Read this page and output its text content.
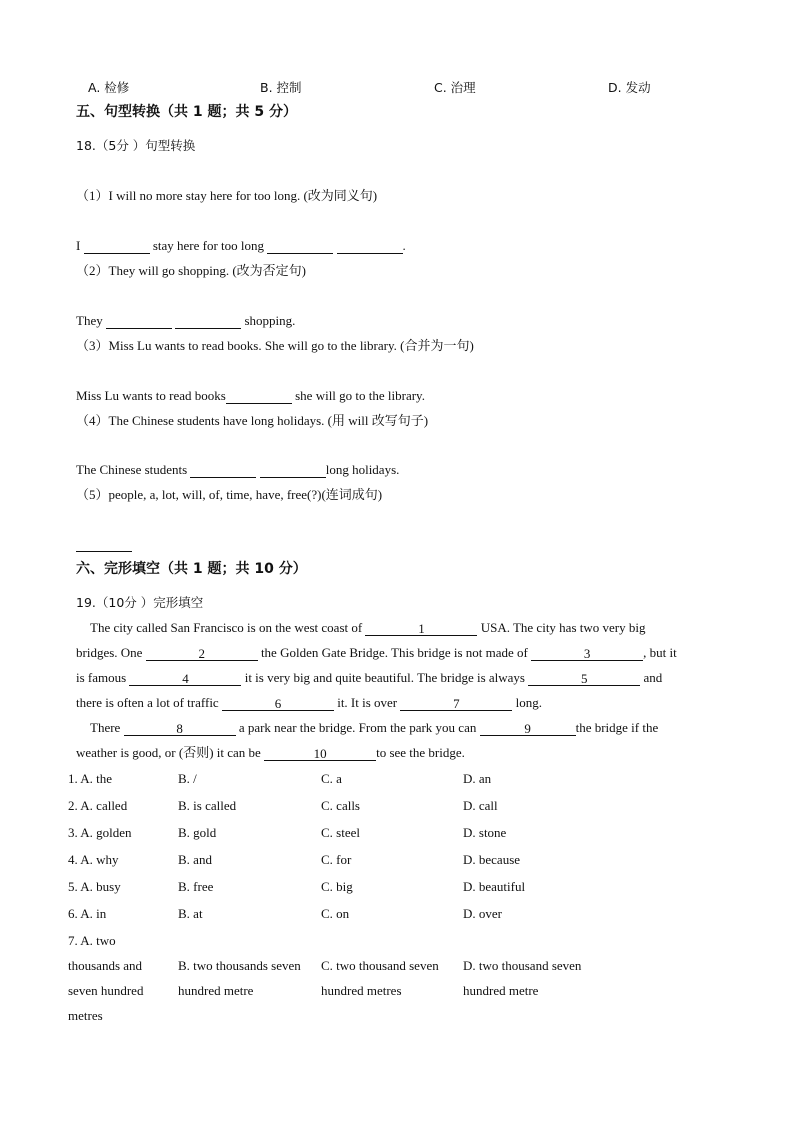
A. 检修	B. 控制	C. 治理	D. 发动
五、句型转换（共 1 题；共 5 分）
18.（5分 ）句型转换
（1）I will no more stay here for too long. (改为同义句)
I	stay here for too long	.
（2）They will go shopping. (改为否定句)
They	shopping.
（3）Miss Lu wants to read books. She will go to the library. (合并为一句)
Miss Lu wants to read books	she will go to the library.
（4）The Chinese students have long holidays. (用 will 改写句子)
The Chinese students	long holidays.
（5）people, a, lot, will, of, time, have, free(?)(连词成句)
六、完形填空（共 1 题；共 10 分）
19.（10分 ）完形填空
The city called San Francisco is on the west coast of	1	USA. The city has two very big
bridges. One	2	the Golden Gate Bridge. This bridge is not made of	3	, but it
is famous	4	it is very big and quite beautiful. The bridge is always	5	and
there is often a lot of traffic	6	it. It is over	7	long.
There	8	a park near the bridge. From the park you can	9	the bridge if the
weather is good, or (否则) it can be	10	to see the bridge.
1. A. the	B. /	C. a	D. an
2. A. called	B. is called	C. calls	D. call
3. A. golden	B. gold	C. steel	D. stone
4. A. why	B. and	C. for	D. because
5. A. busy	B. free	C. big	D. beautiful
6. A. in	B. at	C. on	D. over
7. A. two
thousands and
seven hundred
metres
B. two thousands seven
hundred metre
C. two thousand seven
hundred metres
D. two thousand seven
hundred metre
